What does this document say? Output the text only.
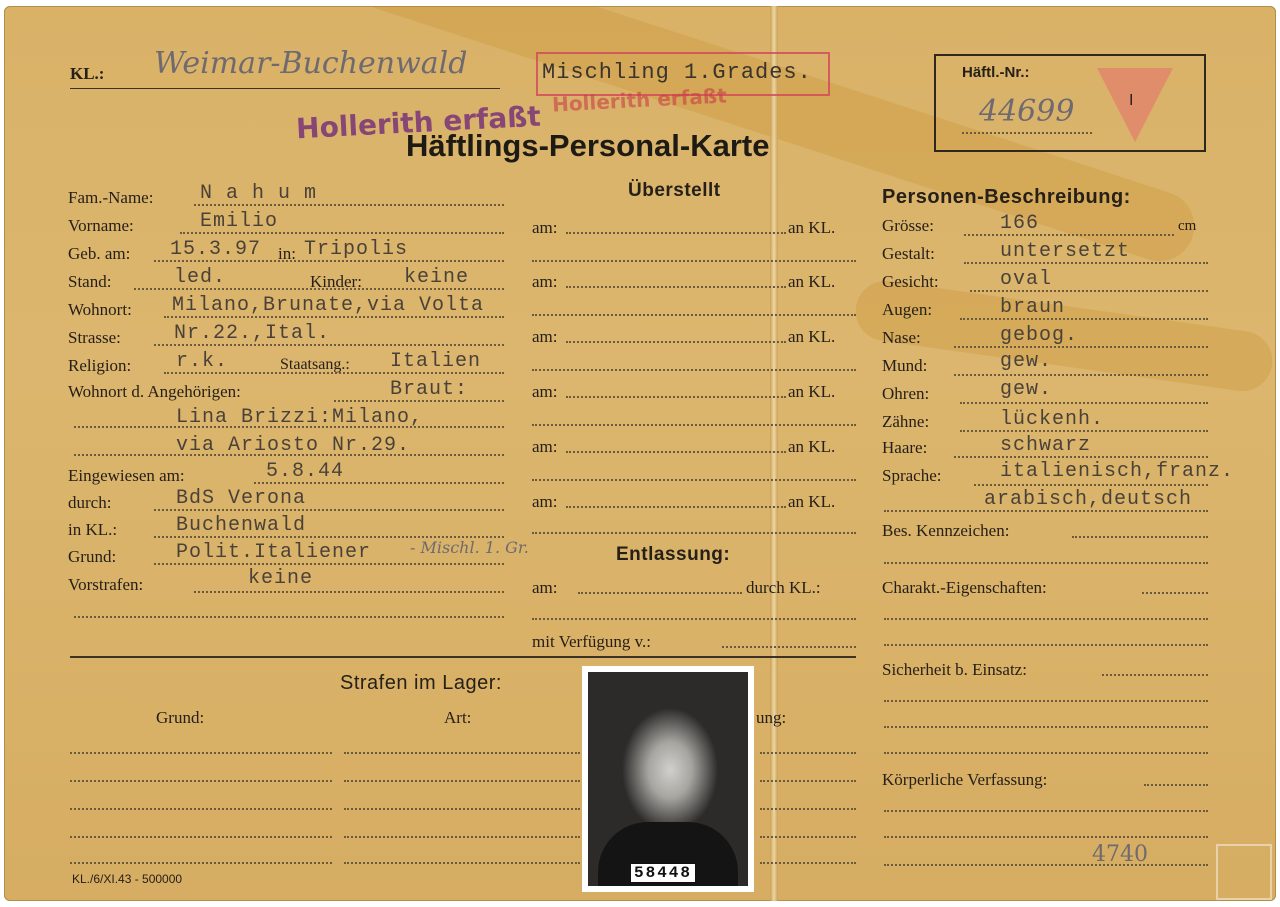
KL.: Weimar-Buchenwald
Hollerith erfaßt
Mischling 1.Grades.
Hollerith erfaßt
Häftlings-Personal-Karte
Häftl.-Nr.:
44699	I
Fam.-Name: N a h u m
Vorname:	Emilio
Geb. am: 15.3.97 in: Tripolis
Stand:	led.	Kinder: keine
Wohnort: Milano,Brunate,via Volta
Strasse:	Nr.22.,Ital.
Religion: r.k.	Staatsang.: Italien
Wohnort d. Angehörigen:	Braut:
Lina Brizzi:Milano,
via Ariosto Nr.29.
Eingewiesen am:	5.8.44
durch:	BdS Verona
in KL.:	Buchenwald
Grund:	Polit.Italiener - Mischl. 1. Gr.
Vorstrafen:	keine
Überstellt
am:	an KL.
am:	an KL.
am:	an KL.
am:	an KL.
am:	an KL.
am:	an KL.
Entlassung:
am:	durch KL.:
mit Verfügung v.:
Personen-Beschreibung:
Grösse:	166	cm
Gestalt:	untersetzt
Gesicht:	oval
Augen:	braun
Nase:	gebog.
Mund:	gew.
Ohren:	gew.
Zähne:	lückenh.
Haare:	schwarz
Sprache:	italienisch,franz.
arabisch,deutsch
Bes. Kennzeichen:
Charakt.-Eigenschaften:
Sicherheit b. Einsatz:
Körperliche Verfassung:
4740
Strafen im Lager:
Grund:	Art:	ung:
KL./6/XI.43 - 500000	58448
